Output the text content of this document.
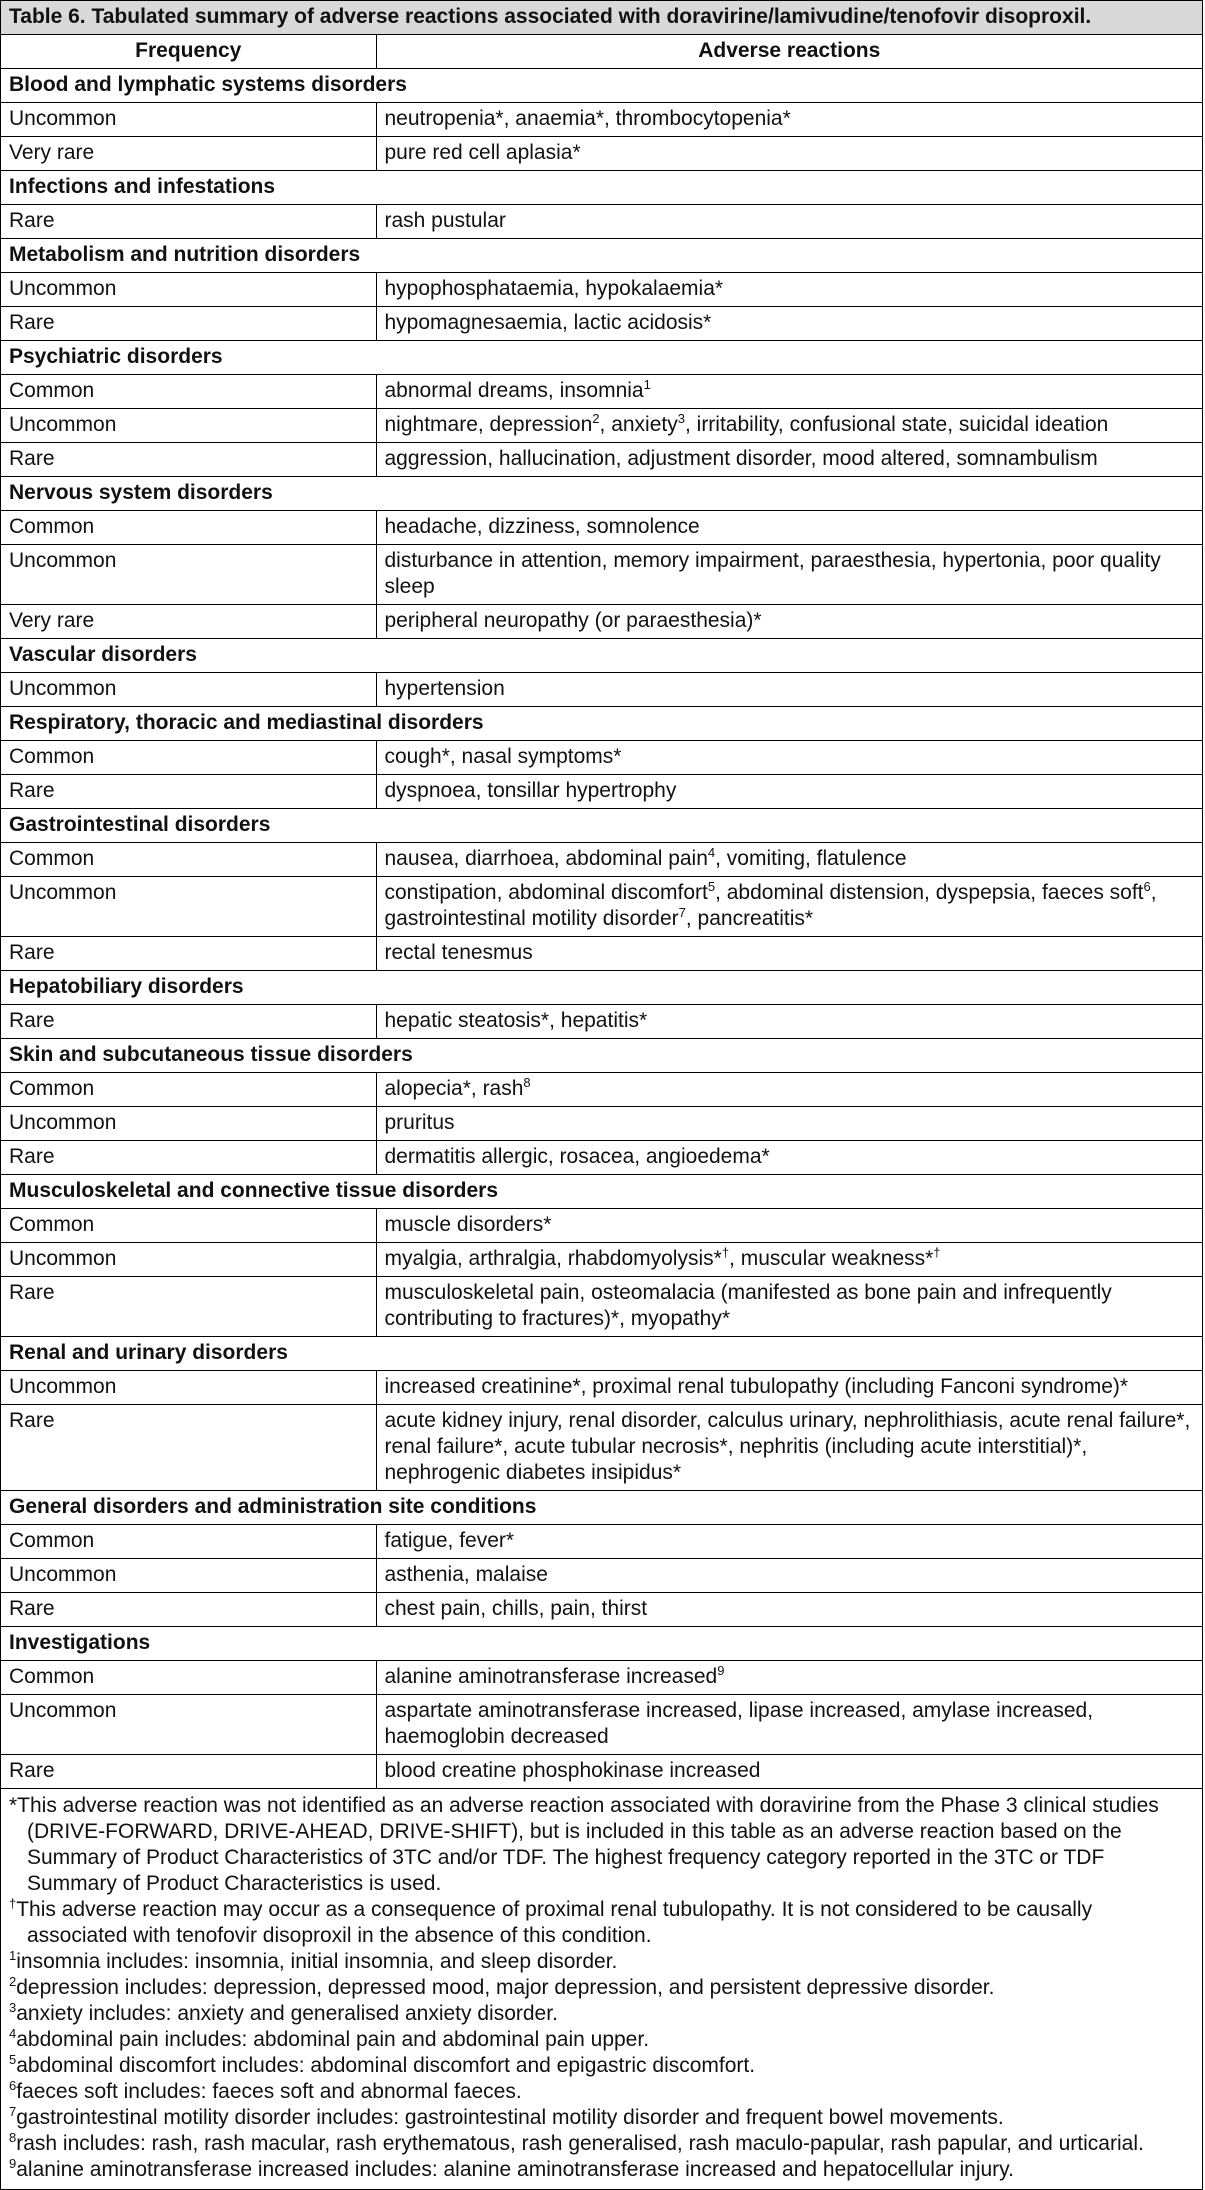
Table 6. Tabulated summary of adverse reactions associated with doravirine/lamivudine/tenofovir disoproxil.
Frequency	Adverse reactions
Blood and lymphatic systems disorders	
Uncommon	neutropenia*, anaemia*, thrombocytopenia*
Very rare	pure red cell aplasia*
Infections and infestations	
Rare	rash pustular
Metabolism and nutrition disorders	
Uncommon	hypophosphataemia, hypokalaemia*
Rare	hypomagnesaemia, lactic acidosis*
Psychiatric disorders	
Common	abnormal dreams, insomnia$^1$
Uncommon	nightmare, depression$^2$, anxiety$^3$, irritability, confusional state, suicidal ideation
Rare	aggression, hallucination, adjustment disorder, mood altered, somnambulism
Nervous system disorders	
Common	headache, dizziness, somnolence
Uncommon	disturbance in attention, memory impairment, paraesthesia, hypertonia, poor quality sleep
Very rare	peripheral neuropathy (or paraesthesia)*
Vascular disorders	
Uncommon	hypertension
Respiratory, thoracic and mediastinal disorders	
Common	cough*, nasal symptoms*
Rare	dyspnoea, tonsillar hypertrophy
Gastrointestinal disorders	
Common	nausea, diarrhoea, abdominal pain$^4$, vomiting, flatulence
Uncommon	constipation, abdominal discomfort$^5$, abdominal distension, dyspepsia, faeces soft$^6$, gastrointestinal motility disorder$^7$, pancreatitis*
Rare	rectal tenesmus
Hepatobiliary disorders	
Rare	hepatic steatosis*, hepatitis*
Skin and subcutaneous tissue disorders	
Common	alopecia*, rash$^8$
Uncommon	pruritus
Rare	dermatitis allergic, rosacea, angioedema*
Musculoskeletal and connective tissue disorders	
Common	muscle disorders*
Uncommon	myalgia, arthralgia, rhabdomyolysis*†, muscular weakness*†
Rare	musculoskeletal pain, osteomalacia (manifested as bone pain and infrequently contributing to fractures)*, myopathy*
Renal and urinary disorders	
Uncommon	increased creatinine*, proximal renal tubulopathy (including Fanconi syndrome)*
Rare	acute kidney injury, renal disorder, calculus urinary, nephrolithiasis, acute renal failure*, renal failure*, acute tubular necrosis*, nephritis (including acute interstitial)*, nephrogenic diabetes insipidus*
General disorders and administration site conditions	
Common	fatigue, fever*
Uncommon	asthenia, malaise
Rare	chest pain, chills, pain, thirst
Investigations	
Common	alanine aminotransferase increased$^9$
Uncommon	aspartate aminotransferase increased, lipase increased, amylase increased, haemoglobin decreased
Rare	blood creatine phosphokinase increased
*This adverse reaction was not identified as an adverse reaction associated with doravirine from the Phase 3 clinical studies (DRIVE-FORWARD, DRIVE-AHEAD, DRIVE-SHIFT), but is included in this table as an adverse reaction based on the Summary of Product Characteristics of 3TC and/or TDF. The highest frequency category reported in the 3TC or TDF Summary of Product Characteristics is used.
†This adverse reaction may occur as a consequence of proximal renal tubulopathy. It is not considered to be causally associated with tenofovir disoproxil in the absence of this condition.
$^1$insomnia includes: insomnia, initial insomnia, and sleep disorder.
$^2$depression includes: depression, depressed mood, major depression, and persistent depressive disorder.
$^3$anxiety includes: anxiety and generalised anxiety disorder.
$^4$abdominal pain includes: abdominal pain and abdominal pain upper.
$^5$abdominal discomfort includes: abdominal discomfort and epigastric discomfort.
$^6$faeces soft includes: faeces soft and abnormal faeces.
$^7$gastrointestinal motility disorder includes: gastrointestinal motility disorder and frequent bowel movements.
$^8$rash includes: rash, rash macular, rash erythematous, rash generalised, rash maculo-papular, rash papular, and urticarial.
$^9$alanine aminotransferase increased includes: alanine aminotransferase increased and hepatocellular injury.
